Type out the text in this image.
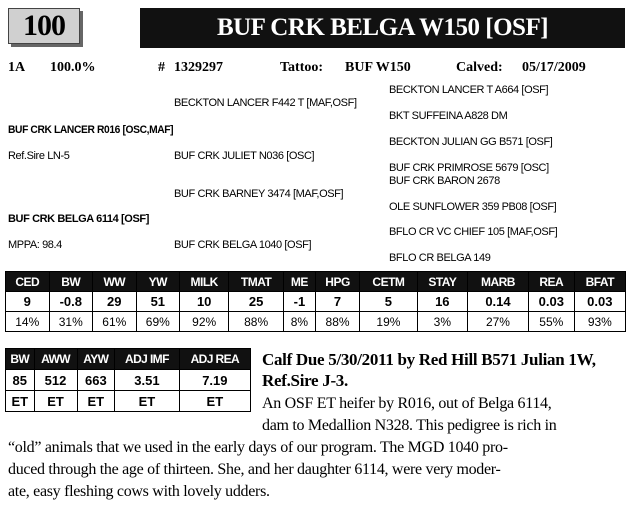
100	BUF CRK BELGA W150 [OSF]
1A 100.0%	# 1329297	Tattoo: BUF W150	Calved: 05/17/2009
BECKTON LANCER T A664 [OSF]
BECKTON LANCER F442 T [MAF,OSF]
BKT SUFFEINA A828 DM
BUF CRK LANCER R016 [OSC,MAF]
BECKTON JULIAN GG B571 [OSF]
Ref.Sire LN-5	BUF CRK JULIET N036 [OSC]
BUF CRK PRIMROSE 5679 [OSC]
BUF CRK BARON 2678
BUF CRK BARNEY 3474 [MAF,OSF]
OLE SUNFLOWER 359 PB08 [OSF]
BUF CRK BELGA 6114 [OSF]
BFLO CR VC CHIEF 105 [MAF,OSF]
MPPA: 98.4	BUF CRK BELGA 1040 [OSF]
BFLO CR BELGA 149
CED	BW	WW	YW	MILK	TMAT	ME	HPG	CETM	STAY	MARB	REA	BFAT
9	-0.8	29	51	10	25	-1	7	5	16	0.14	0.03	0.03
14%	31%	61%	69%	92%	88%	8%	88%	19%	3%	27%	55%	93%
BW	AWW	AYW	ADJ IMF	ADJ REA
85	512	663	3.51	7.19
ET	ET	ET	ET	ET
Calf Due 5/30/2011 by Red Hill B571 Julian 1W, Ref.Sire J-3.
An OSF ET heifer by R016, out of Belga 6114,
dam to Medallion N328. This pedigree is rich in
“old” animals that we used in the early days of our program. The MGD 1040 pro-
duced through the age of thirteen. She, and her daughter 6114, were very moder-
ate, easy fleshing cows with lovely udders.
